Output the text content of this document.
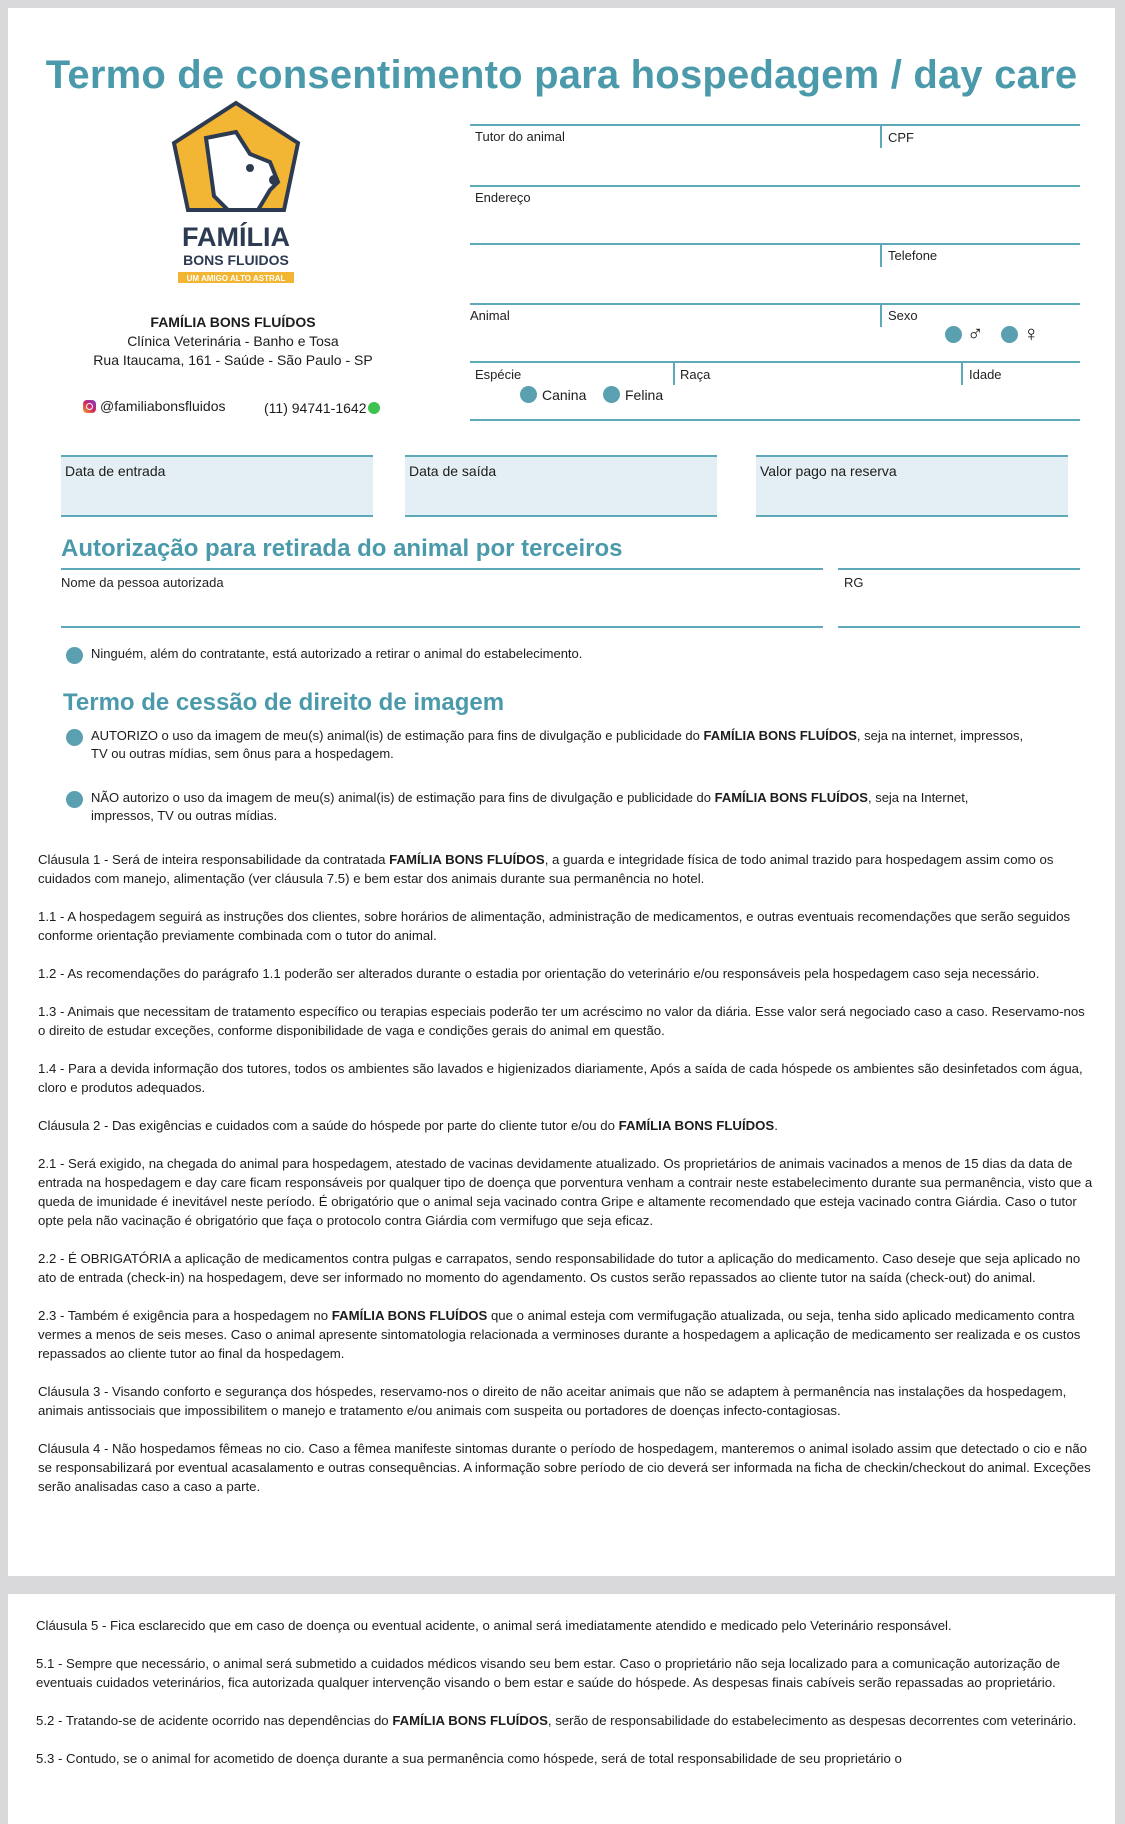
Termo de consentimento para hospedagem / day care
FAMÍLIA
BONS FLUIDOS
UM AMIGO ALTO ASTRAL
FAMÍLIA BONS FLUÍDOS
Clínica Veterinária - Banho e Tosa
Rua Itaucama, 161 - Saúde - São Paulo - SP
@familiabonsfluidos	(11) 94741-1642
Tutor do animal	CPF
Endereço
Telefone
Animal	Sexo
♂ ♀
Espécie	Raça	Idade
Canina	Felina
Data de entrada	Data de saída	Valor pago na reserva
Autorização para retirada do animal por terceiros
Nome da pessoa autorizada	RG
Ninguém, além do contratante, está autorizado a retirar o animal do estabelecimento.
Termo de cessão de direito de imagem
AUTORIZO o uso da imagem de meu(s) animal(is) de estimação para fins de divulgação e publicidade do FAMÍLIA BONS FLUÍDOS, seja na internet, impressos, TV ou outras mídias, sem ônus para a hospedagem.
NÃO autorizo o uso da imagem de meu(s) animal(is) de estimação para fins de divulgação e publicidade do FAMÍLIA BONS FLUÍDOS, seja na Internet, impressos, TV ou outras mídias.

Cláusula 1 - Será de inteira responsabilidade da contratada FAMÍLIA BONS FLUÍDOS, a guarda e integridade física de todo animal trazido para hospedagem assim como os cuidados com manejo, alimentação (ver cláusula 7.5) e bem estar dos animais durante sua permanência no hotel.

1.1 - A hospedagem seguirá as instruções dos clientes, sobre horários de alimentação, administração de medicamentos, e outras eventuais recomendações que serão seguidos conforme orientação previamente combinada com o tutor do animal.

1.2 - As recomendações do parágrafo 1.1 poderão ser alterados durante o estadia por orientação do veterinário e/ou responsáveis pela hospedagem caso seja necessário.

1.3 - Animais que necessitam de tratamento específico ou terapias especiais poderão ter um acréscimo no valor da diária. Esse valor será negociado caso a caso. Reservamo-nos o direito de estudar exceções, conforme disponibilidade de vaga e condições gerais do animal em questão.

1.4 - Para a devida informação dos tutores, todos os ambientes são lavados e higienizados diariamente, Após a saída de cada hóspede os ambientes são desinfetados com água, cloro e produtos adequados.

Cláusula 2 - Das exigências e cuidados com a saúde do hóspede por parte do cliente tutor e/ou do FAMÍLIA BONS FLUÍDOS.

2.1 - Será exigido, na chegada do animal para hospedagem, atestado de vacinas devidamente atualizado. Os proprietários de animais vacinados a menos de 15 dias da data de entrada na hospedagem e day care ficam responsáveis por qualquer tipo de doença que porventura venham a contrair neste estabelecimento durante sua permanência, visto que a queda de imunidade é inevitável neste período. É obrigatório que o animal seja vacinado contra Gripe e altamente recomendado que esteja vacinado contra Giárdia. Caso o tutor opte pela não vacinação é obrigatório que faça o protocolo contra Giárdia com vermifugo que seja eficaz.

2.2 - É OBRIGATÓRIA a aplicação de medicamentos contra pulgas e carrapatos, sendo responsabilidade do tutor a aplicação do medicamento. Caso deseje que seja aplicado no ato de entrada (check-in) na hospedagem, deve ser informado no momento do agendamento. Os custos serão repassados ao cliente tutor na saída (check-out) do animal.

2.3 - Também é exigência para a hospedagem no FAMÍLIA BONS FLUÍDOS que o animal esteja com vermifugação atualizada, ou seja, tenha sido aplicado medicamento contra vermes a menos de seis meses. Caso o animal apresente sintomatologia relacionada a verminoses durante a hospedagem a aplicação de medicamento ser realizada e os custos repassados ao cliente tutor ao final da hospedagem.

Cláusula 3 - Visando conforto e segurança dos hóspedes, reservamo-nos o direito de não aceitar animais que não se adaptem à permanência nas instalações da hospedagem, animais antissociais que impossibilitem o manejo e tratamento e/ou animais com suspeita ou portadores de doenças infecto-contagiosas.

Cláusula 4 - Não hospedamos fêmeas no cio. Caso a fêmea manifeste sintomas durante o período de hospedagem, manteremos o animal isolado assim que detectado o cio e não se responsabilizará por eventual acasalamento e outras consequências. A informação sobre período de cio deverá ser informada na ficha de checkin/checkout do animal. Exceções serão analisadas caso a caso a parte.

Cláusula 5 - Fica esclarecido que em caso de doença ou eventual acidente, o animal será imediatamente atendido e medicado pelo Veterinário responsável.

5.1 - Sempre que necessário, o animal será submetido a cuidados médicos visando seu bem estar. Caso o proprietário não seja localizado para a comunicação autorização de eventuais cuidados veterinários, fica autorizada qualquer intervenção visando o bem estar e saúde do hóspede. As despesas finais cabíveis serão repassadas ao proprietário.

5.2 - Tratando-se de acidente ocorrido nas dependências do FAMÍLIA BONS FLUÍDOS, serão de responsabilidade do estabelecimento as despesas decorrentes com veterinário.

5.3 - Contudo, se o animal for acometido de doença durante a sua permanência como hóspede, será de total responsabilidade de seu proprietário o
